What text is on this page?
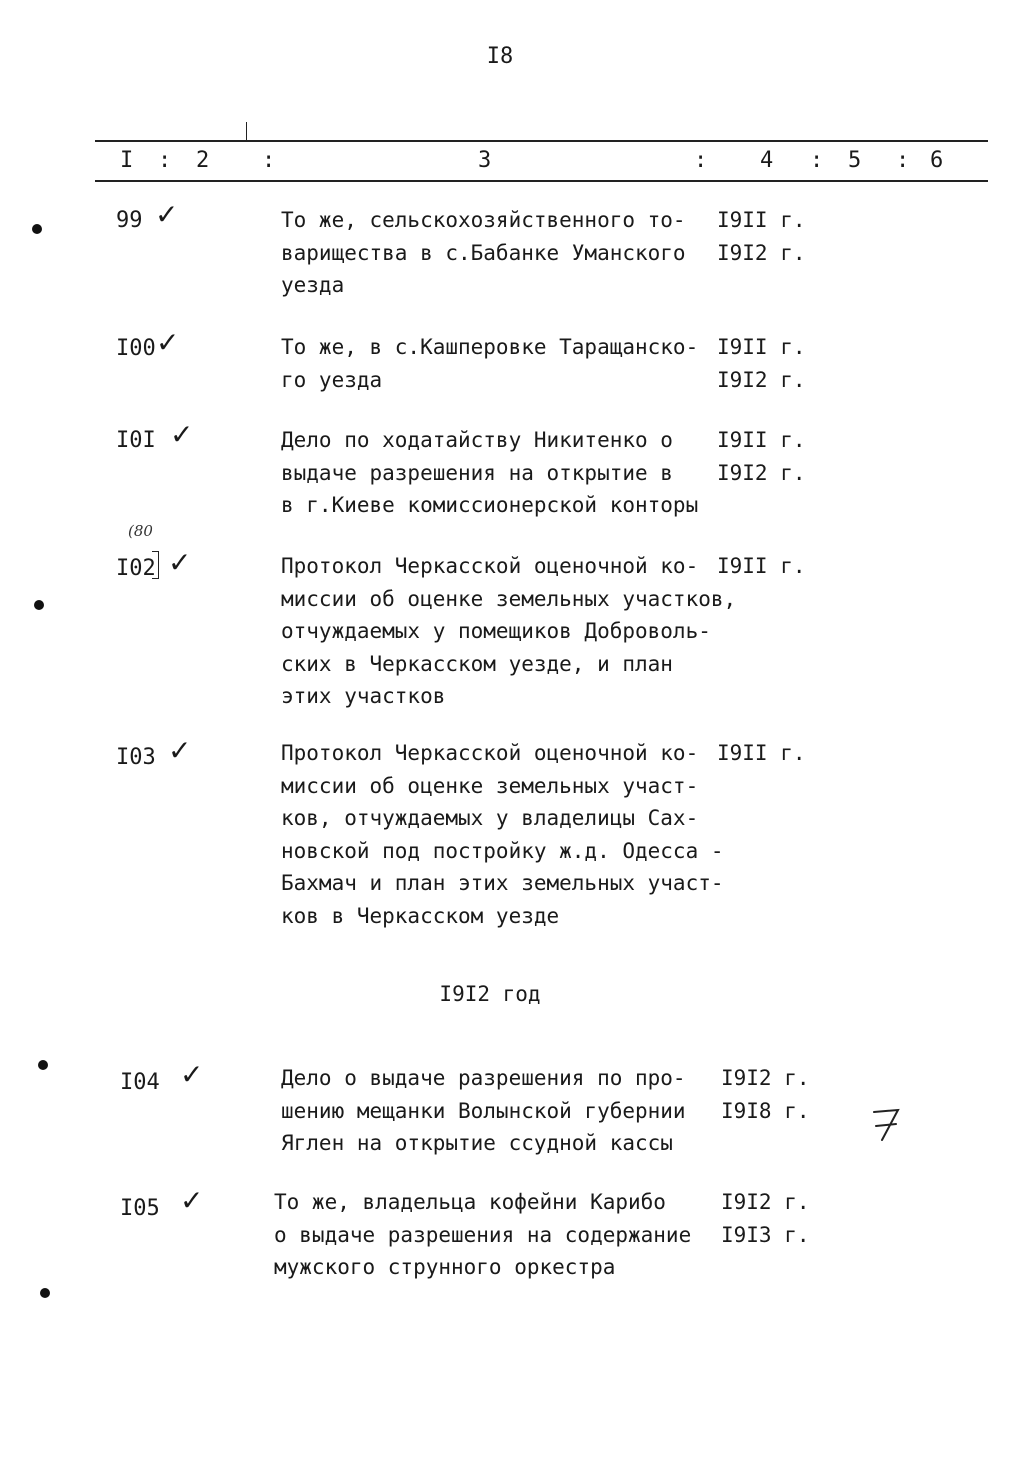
I8
I : 2 :	3	: 4 : 5 : 6
99 ✓	То же, сельскохозяйственного то-
варищества в с.Бабанке Уманского
уезда
I9II г.
I9I2 г.
I00 ✓	То же, в с.Кашперовке Таращанско-
го уезда
I9II г.
I9I2 г.
I0I ✓	Дело по ходатайству Никитенко о
выдаче разрешения на открытие в
в г.Киеве комиссионерской конторы
I9II г.
I9I2 г.
(80
I02 ✓	Протокол Черкасской оценочной ко-
миссии об оценке земельных участков,
отчуждаемых у помещиков Доброволь-
ских в Черкасском уезде, и план
этих участков
I9II г.
I03 ✓	Протокол Черкасской оценочной ко-
миссии об оценке земельных участ-
ков, отчуждаемых у владелицы Сах-
новской под постройку ж.д. Одесса -
Бахмач и план этих земельных участ-
ков в Черкасском уезде
I9II г.
I9I2 год
I04 ✓	Дело о выдаче разрешения по про-
шению мещанки Волынской губернии
Яглен на открытие ссудной кассы
I9I2 г.
I9I8 г.
I05 ✓	То же, владельца кофейни Карибо
о выдаче разрешения на содержание
мужского струнного оркестра
I9I2 г.
I9I3 г.
